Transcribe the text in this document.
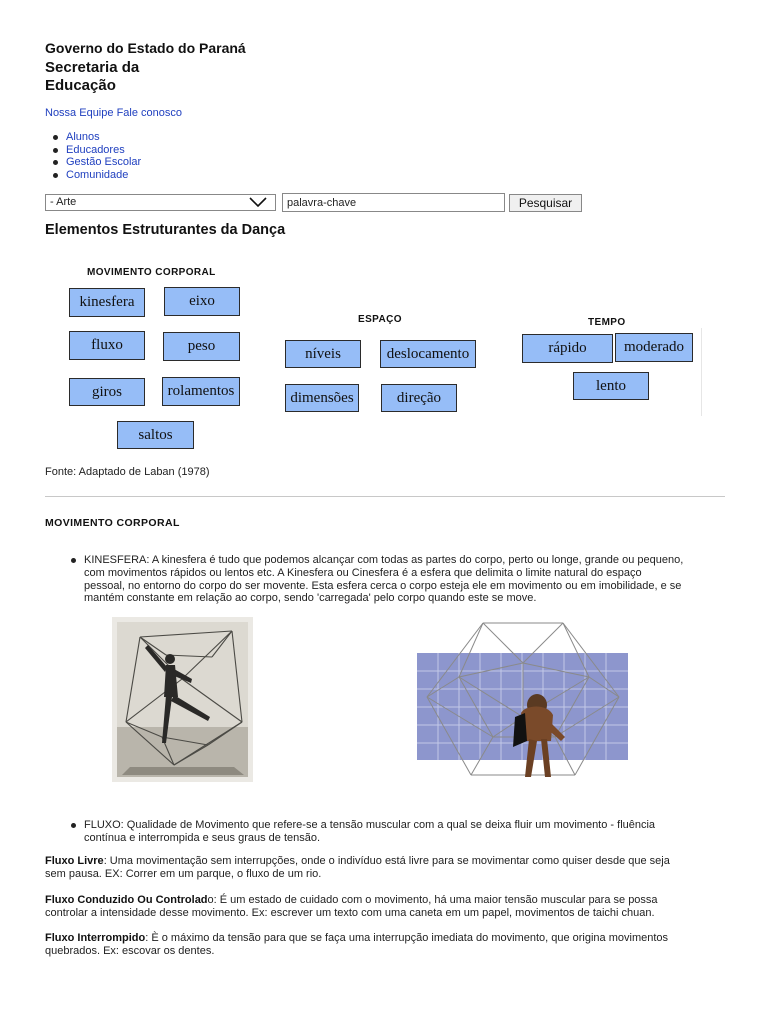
Governo do Estado do Paraná
Secretaria da
Educação
Nossa Equipe Fale conosco
Alunos
Educadores
Gestão Escolar
Comunidade
- Arte
palavra-chave	Pesquisar
Elementos Estruturantes da Dança
MOVIMENTO CORPORAL
kinesfera	eixo
fluxo	peso
giros	rolamentos
saltos
ESPAÇO
níveis	deslocamento
dimensões	direção
TEMPO
rápido	moderado
lento
Fonte: Adaptado de Laban (1978)
MOVIMENTO CORPORAL
KINESFERA: A kinesfera é tudo que podemos alcançar com todas as partes do corpo, perto ou longe, grande ou pequeno,
com movimentos rápidos ou lentos etc. A Kinesfera ou Cinesfera é a esfera que delimita o limite natural do espaço
pessoal, no entorno do corpo do ser movente. Esta esfera cerca o corpo esteja ele em movimento ou em imobilidade, e se
mantém constante em relação ao corpo, sendo 'carregada' pelo corpo quando este se move.
FLUXO: Qualidade de Movimento que refere-se a tensão muscular com a qual se deixa fluir um movimento - fluência
contínua e interrompida e seus graus de tensão.
Fluxo Livre: Uma movimentação sem interrupções, onde o indivíduo está livre para se movimentar como quiser desde que seja
sem pausa. EX: Correr em um parque, o fluxo de um rio.
Fluxo Conduzido Ou Controlado: É um estado de cuidado com o movimento, há uma maior tensão muscular para se possa
controlar a intensidade desse movimento. Ex: escrever um texto com uma caneta em um papel, movimentos de taichi chuan.
Fluxo Interrompido: È o máximo da tensão para que se faça uma interrupção imediata do movimento, que origina movimentos
quebrados. Ex: escovar os dentes.
